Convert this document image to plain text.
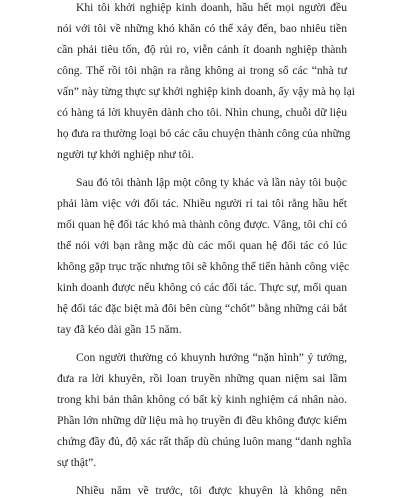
Khi tôi khởi nghiệp kinh doanh, hầu hết mọi người đều
nói với tôi về những khó khăn có thể xảy đến, bao nhiêu tiền
cần phải tiêu tốn, độ rủi ro, viễn cảnh ít doanh nghiệp thành
công. Thế rồi tôi nhận ra rằng không ai trong số các “nhà tư
vấn” này từng thực sự khởi nghiệp kinh doanh, ấy vậy mà họ lại
có hàng tá lời khuyên dành cho tôi. Nhìn chung, chuỗi dữ liệu
họ đưa ra thường loại bỏ các câu chuyện thành công của những
người tự khởi nghiệp như tôi.
Sau đó tôi thành lập một công ty khác và lần này tôi buộc
phải làm việc với đối tác. Nhiều người rỉ tai tôi rằng hầu hết
mối quan hệ đối tác khó mà thành công được. Vâng, tôi chỉ có
thể nói với bạn rằng mặc dù các mối quan hệ đối tác có lúc
không gặp trục trặc nhưng tôi sẽ không thể tiến hành công việc
kinh doanh được nếu không có các đối tác. Thực sự, mối quan
hệ đối tác đặc biệt mà đôi bên cùng “chốt” bằng những cái bắt
tay đã kéo dài gần 15 năm.
Con người thường có khuynh hướng “nặn hình” ý tưởng,
đưa ra lời khuyên, rồi loan truyền những quan niệm sai lầm
trong khi bản thân không có bất kỳ kinh nghiệm cá nhân nào.
Phần lớn những dữ liệu mà họ truyền đi đều không được kiểm
chứng đầy đủ, độ xác rất thấp dù chúng luôn mang “danh nghĩa
sự thật”.
Nhiều năm về trước, tôi được khuyên là không nên
